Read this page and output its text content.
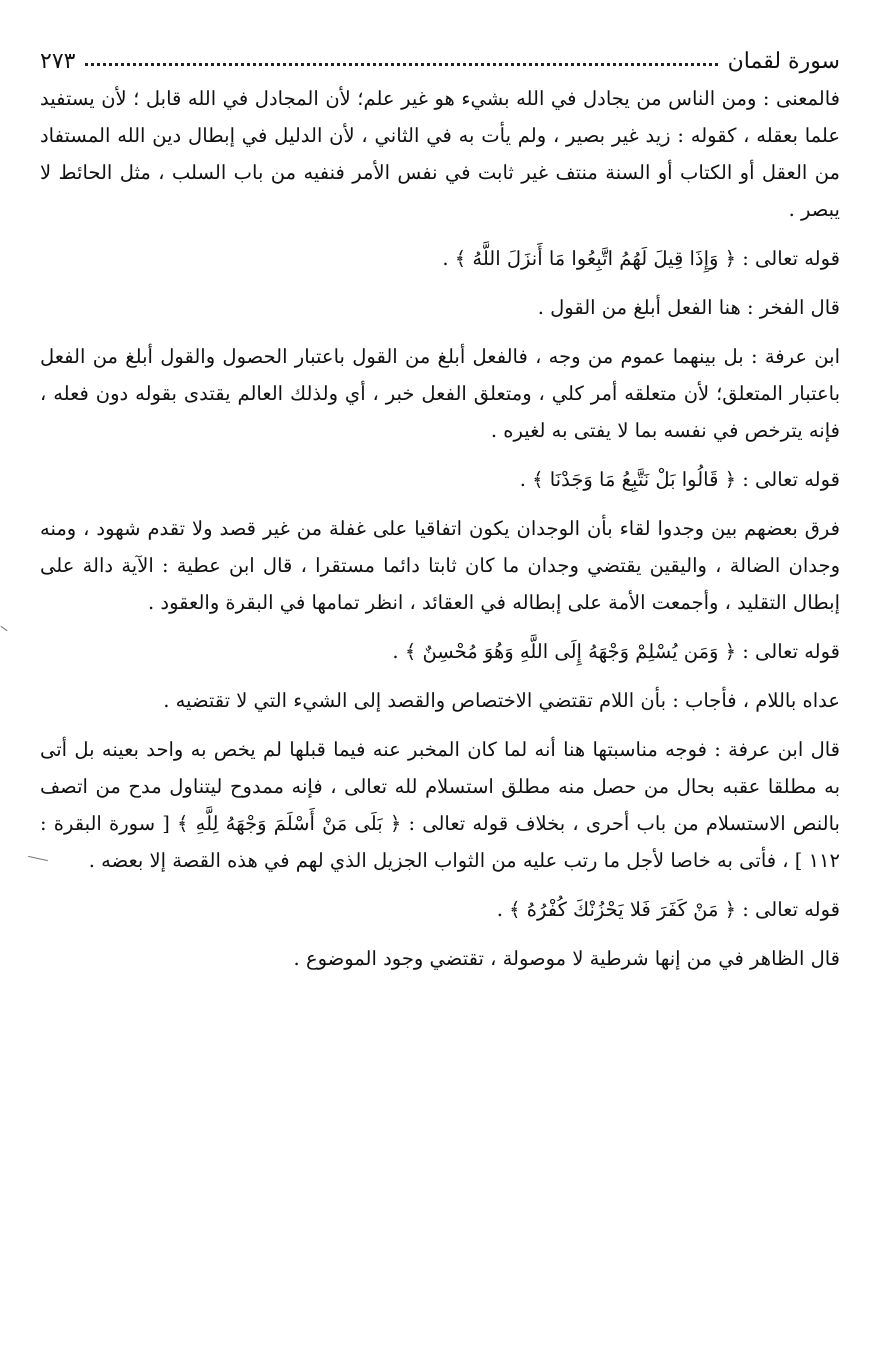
سورة لقمان
٢٧٣

فالمعنى : ومن الناس من يجادل في الله بشيء هو غير علم؛ لأن المجادل في الله قابل ؛ لأن يستفيد علما بعقله ، كقوله : زيد غير بصير ، ولم يأت به في الثاني ، لأن الدليل في إبطال دين الله المستفاد من العقل أو الكتاب أو السنة منتف غير ثابت في نفس الأمر فنفيه من باب السلب ، مثل الحائط لا يبصر .

قوله تعالى : ﴿ وَإِذَا قِيلَ لَهُمُ اتَّبِعُوا مَا أَنزَلَ اللَّهُ ﴾ .

قال الفخر : هنا الفعل أبلغ من القول .

ابن عرفة : بل بينهما عموم من وجه ، فالفعل أبلغ من القول باعتبار الحصول والقول أبلغ من الفعل باعتبار المتعلق؛ لأن متعلقه أمر كلي ، ومتعلق الفعل خبر ، أي ولذلك العالم يقتدى بقوله دون فعله ، فإنه يترخص في نفسه بما لا يفتى به لغيره .

قوله تعالى : ﴿ قَالُوا بَلْ نَتَّبِعُ مَا وَجَدْنَا ﴾ .

فرق بعضهم بين وجدوا لقاء بأن الوجدان يكون اتفاقيا على غفلة من غير قصد ولا تقدم شهود ، ومنه وجدان الضالة ، واليقين يقتضي وجدان ما كان ثابتا دائما مستقرا ، قال ابن عطية : الآية دالة على إبطال التقليد ، وأجمعت الأمة على إبطاله في العقائد ، انظر تمامها في البقرة والعقود .

قوله تعالى : ﴿ وَمَن يُسْلِمْ وَجْهَهُ إِلَى اللَّهِ وَهُوَ مُحْسِنٌ ﴾ .

عداه باللام ، فأجاب : بأن اللام تقتضي الاختصاص والقصد إلى الشيء التي لا تقتضيه .

قال ابن عرفة : فوجه مناسبتها هنا أنه لما كان المخبر عنه فيما قبلها لم يخص به واحد بعينه بل أتى به مطلقا عقبه بحال من حصل منه مطلق استسلام لله تعالى ، فإنه ممدوح ليتناول مدح من اتصف بالنص الاستسلام من باب أحرى ، بخلاف قوله تعالى : ﴿ بَلَى مَنْ أَسْلَمَ وَجْهَهُ لِلَّهِ ﴾ [ سورة البقرة : ١١٢ ] ، فأتى به خاصا لأجل ما رتب عليه من الثواب الجزيل الذي لهم في هذه القصة إلا بعضه .

قوله تعالى : ﴿ مَنْ كَفَرَ فَلا يَحْزُنْكَ كُفْرُهُ ﴾ .

قال الظاهر في من إنها شرطية لا موصولة ، تقتضي وجود الموضوع .
